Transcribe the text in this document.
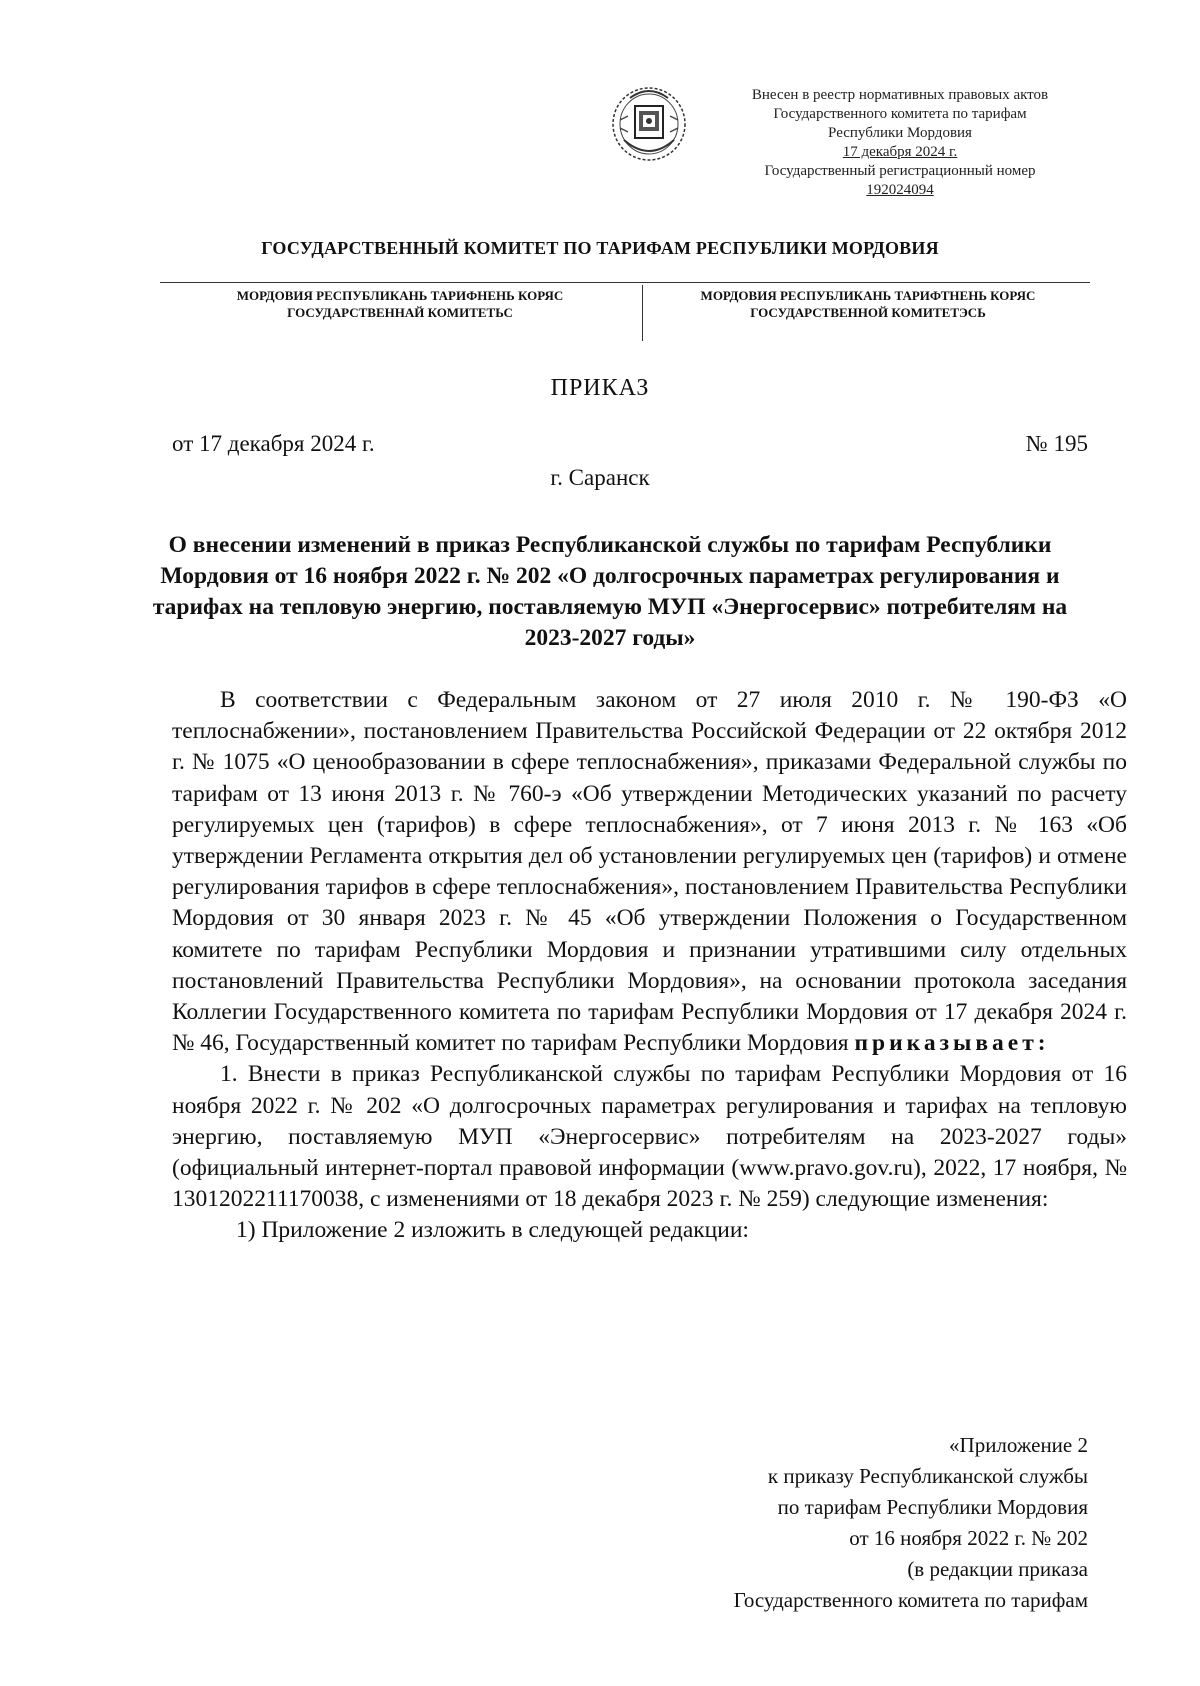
Внесен в реестр нормативных правовых актов
Государственного комитета по тарифам
Республики Мордовия
17 декабря 2024 г.
Государственный регистрационный номер
192024094
ГОСУДАРСТВЕННЫЙ КОМИТЕТ ПО ТАРИФАМ РЕСПУБЛИКИ МОРДОВИЯ
МОРДОВИЯ РЕСПУБЛИКАНЬ ТАРИФНЕНЬ КОРЯС
ГОСУДАРСТВЕННАЙ КОМИТЕТЬС
МОРДОВИЯ РЕСПУБЛИКАНЬ ТАРИФТНЕНЬ КОРЯС
ГОСУДАРСТВЕННОЙ КОМИТЕТЭСЬ
ПРИКАЗ
от 17 декабря 2024 г.	№ 195
г. Саранск
О внесении изменений в приказ Республиканской службы по тарифам Республики Мордовия от 16 ноября 2022 г. № 202 «О долгосрочных параметрах регулирования и тарифах на тепловую энергию, поставляемую МУП «Энергосервис» потребителям на 2023-2027 годы»

В соответствии с Федеральным законом от 27 июля 2010 г. № 190-ФЗ «О теплоснабжении», постановлением Правительства Российской Федерации от 22 октября 2012 г. № 1075 «О ценообразовании в сфере теплоснабжения», приказами Федеральной службы по тарифам от 13 июня 2013 г. № 760-э «Об утверждении Методических указаний по расчету регулируемых цен (тарифов) в сфере теплоснабжения», от 7 июня 2013 г. № 163 «Об утверждении Регламента открытия дел об установлении регулируемых цен (тарифов) и отмене регулирования тарифов в сфере теплоснабжения», постановлением Правительства Республики Мордовия от 30 января 2023 г. № 45 «Об утверждении Положения о Государственном комитете по тарифам Республики Мордовия и признании утратившими силу отдельных постановлений Правительства Республики Мордовия», на основании протокола заседания Коллегии Государственного комитета по тарифам Республики Мордовия от 17 декабря 2024 г. № 46, Государственный комитет по тарифам Республики Мордовия приказывает:

1. Внести в приказ Республиканской службы по тарифам Республики Мордовия от 16 ноября 2022 г. № 202 «О долгосрочных параметрах регулирования и тарифах на тепловую энергию, поставляемую МУП «Энергосервис» потребителям на 2023-2027 годы» (официальный интернет-портал правовой информации (www.pravo.gov.ru), 2022, 17 ноября, № 1301202211170038, с изменениями от 18 декабря 2023 г. № 259) следующие изменения:

1) Приложение 2 изложить в следующей редакции:

«Приложение 2
к приказу Республиканской службы
по тарифам Республики Мордовия
от 16 ноября 2022 г. № 202
(в редакции приказа
Государственного комитета по тарифам
